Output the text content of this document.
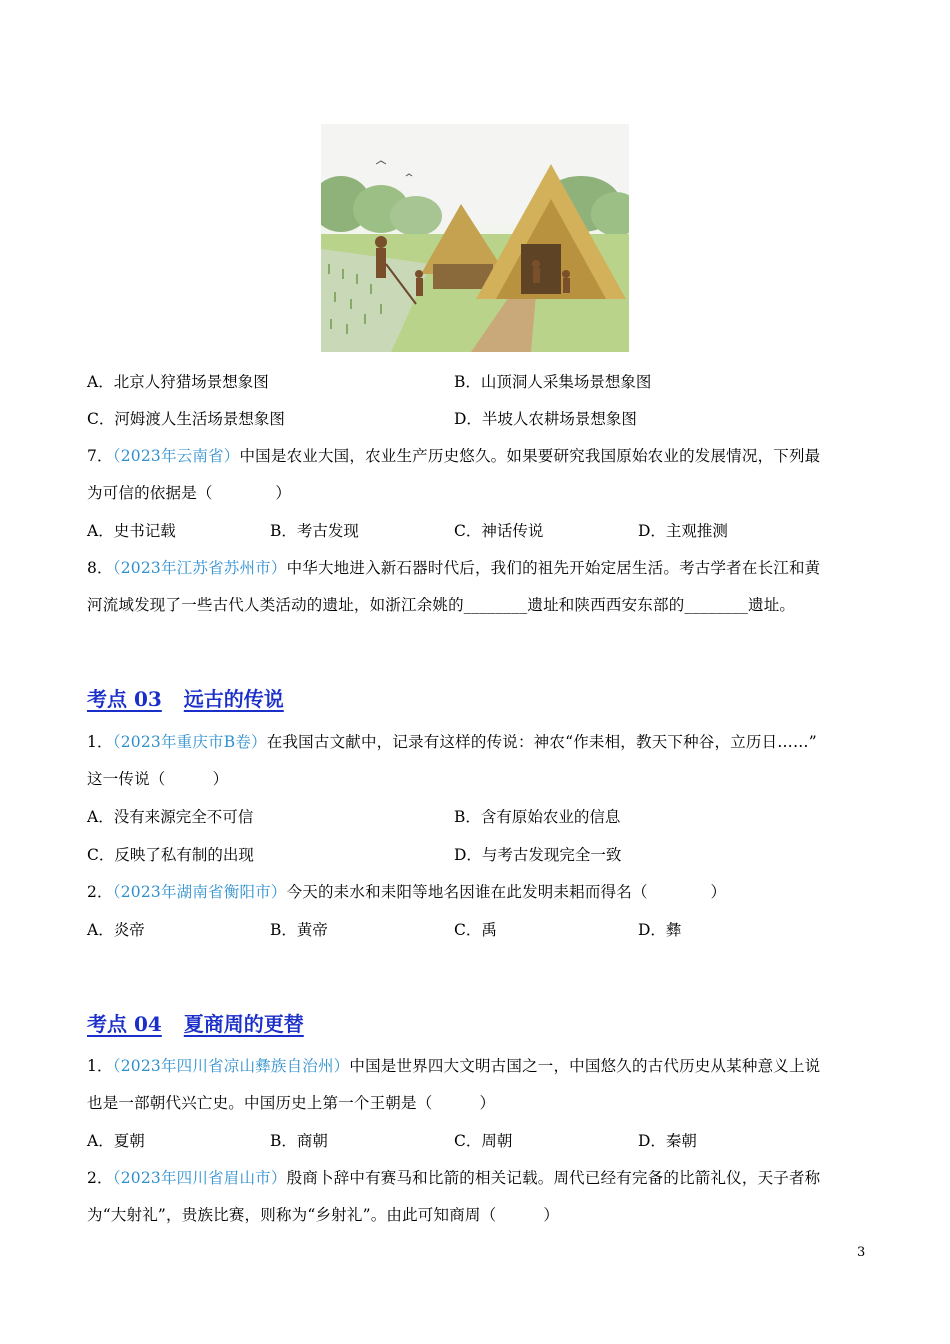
A．北京人狩猎场景想象图	B．山顶洞人采集场景想象图
C．河姆渡人生活场景想象图	D．半坡人农耕场景想象图
7．（2023年云南省）中国是农业大国，农业生产历史悠久。如果要研究我国原始农业的发展情况，下列最
为可信的依据是（　　　　）
A．史书记载	B．考古发现	C．神话传说	D．主观推测
8．（2023年江苏省苏州市）中华大地进入新石器时代后，我们的祖先开始定居生活。考古学者在长江和黄
河流域发现了一些古代人类活动的遗址，如浙江余姚的________遗址和陕西西安东部的________遗址。
考点 03 远古的传说
1．（2023年重庆市B卷）在我国古文献中，记录有这样的传说：神农“作耒相，教天下种谷，立历日……”
这一传说（　　　）
A．没有来源完全不可信	B．含有原始农业的信息
C．反映了私有制的出现	D．与考古发现完全一致
2．（2023年湖南省衡阳市）今天的耒水和耒阳等地名因谁在此发明耒耜而得名（　　　　）
A．炎帝	B．黄帝	C．禹	D．彝
考点 04 夏商周的更替
1．（2023年四川省凉山彝族自治州）中国是世界四大文明古国之一，中国悠久的古代历史从某种意义上说
也是一部朝代兴亡史。中国历史上第一个王朝是（　　　）
A．夏朝	B．商朝	C．周朝	D．秦朝
2．（2023年四川省眉山市）殷商卜辞中有赛马和比箭的相关记载。周代已经有完备的比箭礼仪，天子者称
为“大射礼”，贵族比赛，则称为“乡射礼”。由此可知商周（　　　）
3
